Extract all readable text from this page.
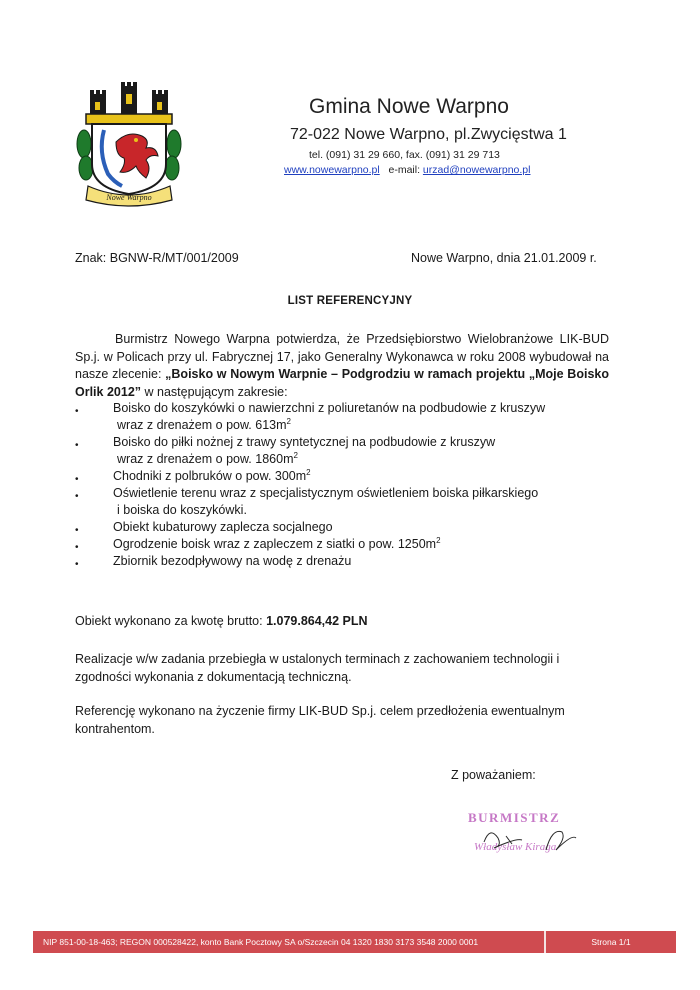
Nowe Warpno
Gmina Nowe Warpno
72-022 Nowe Warpno, pl.Zwycięstwa 1
tel. (091) 31 29 660, fax. (091) 31 29 713
www.nowewarpno.pl e-mail: urzad@nowewarpno.pl
Znak: BGNW-R/MT/001/2009	Nowe Warpno, dnia 21.01.2009 r.
LIST REFERENCYJNY
Burmistrz Nowego Warpna potwierdza, że Przedsiębiorstwo Wielobranżowe LIK-BUD Sp.j. w Policach przy ul. Fabrycznej 17, jako Generalny Wykonawca w roku 2008 wybudował na nasze zlecenie: „Boisko w Nowym Warpnie – Podgrodziu w ramach projektu „Moje Boisko Orlik 2012” w następującym zakresie:
•	Boisko do koszykówki o nawierzchni z poliuretanów na podbudowie z kruszyw
wraz z drenażem o pow. $613m^2$
•	Boisko do piłki nożnej z trawy syntetycznej na podbudowie z kruszyw
wraz z drenażem o pow. $1860m^2$
•	Chodniki z polbruków o pow. $300m^2$
•	Oświetlenie terenu wraz z specjalistycznym oświetleniem boiska piłkarskiego
i boiska do koszykówki.
•	Obiekt kubaturowy zaplecza socjalnego
•	Ogrodzenie boisk wraz z zapleczem z siatki o pow. $1250m^2$
•	Zbiornik bezodpływowy na wodę z drenażu
Obiekt wykonano za kwotę brutto: 1.079.864,42 PLN
Realizacje w/w zadania przebiegła w ustalonych terminach z zachowaniem technologii i zgodności wykonania z dokumentacją techniczną.
Referencję wykonano na życzenie firmy LIK-BUD Sp.j. celem przedłożenia ewentualnym kontrahentom.
Z poważaniem:
BURMISTRZ
Władysław Kiraga
NIP 851-00-18-463; REGON 000528422, konto Bank Pocztowy SA o/Szczecin 04 1320 1830 3173 3548 2000 0001	Strona 1/1
